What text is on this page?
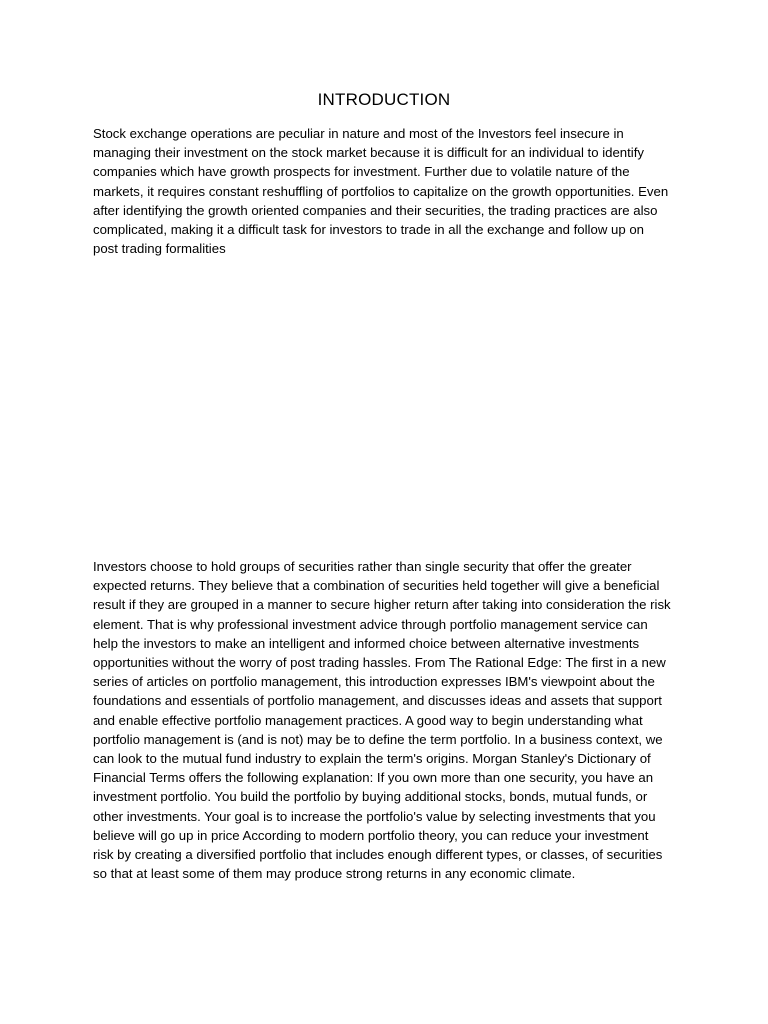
INTRODUCTION

Stock exchange operations are peculiar in nature and most of the Investors feel insecure in managing their investment on the stock market because it is difficult for an individual to identify companies which have growth prospects for investment. Further due to volatile nature of the markets, it requires constant reshuffling of portfolios to capitalize on the growth opportunities. Even after identifying the growth oriented companies and their securities, the trading practices are also complicated, making it a difficult task for investors to trade in all the exchange and follow up on post trading formalities

Investors choose to hold groups of securities rather than single security that offer the greater expected returns. They believe that a combination of securities held together will give a beneficial result if they are grouped in a manner to secure higher return after taking into consideration the risk element. That is why professional investment advice through portfolio management service can help the investors to make an intelligent and informed choice between alternative investments opportunities without the worry of post trading hassles. From The Rational Edge: The first in a new series of articles on portfolio management, this introduction expresses IBM's viewpoint about the foundations and essentials of portfolio management, and discusses ideas and assets that support and enable effective portfolio management practices. A good way to begin understanding what portfolio management is (and is not) may be to define the term portfolio. In a business context, we can look to the mutual fund industry to explain the term's origins. Morgan Stanley's Dictionary of Financial Terms offers the following explanation: If you own more than one security, you have an investment portfolio. You build the portfolio by buying additional stocks, bonds, mutual funds, or other investments. Your goal is to increase the portfolio's value by selecting investments that you believe will go up in price According to modern portfolio theory, you can reduce your investment risk by creating a diversified portfolio that includes enough different types, or classes, of securities so that at least some of them may produce strong returns in any economic climate.
